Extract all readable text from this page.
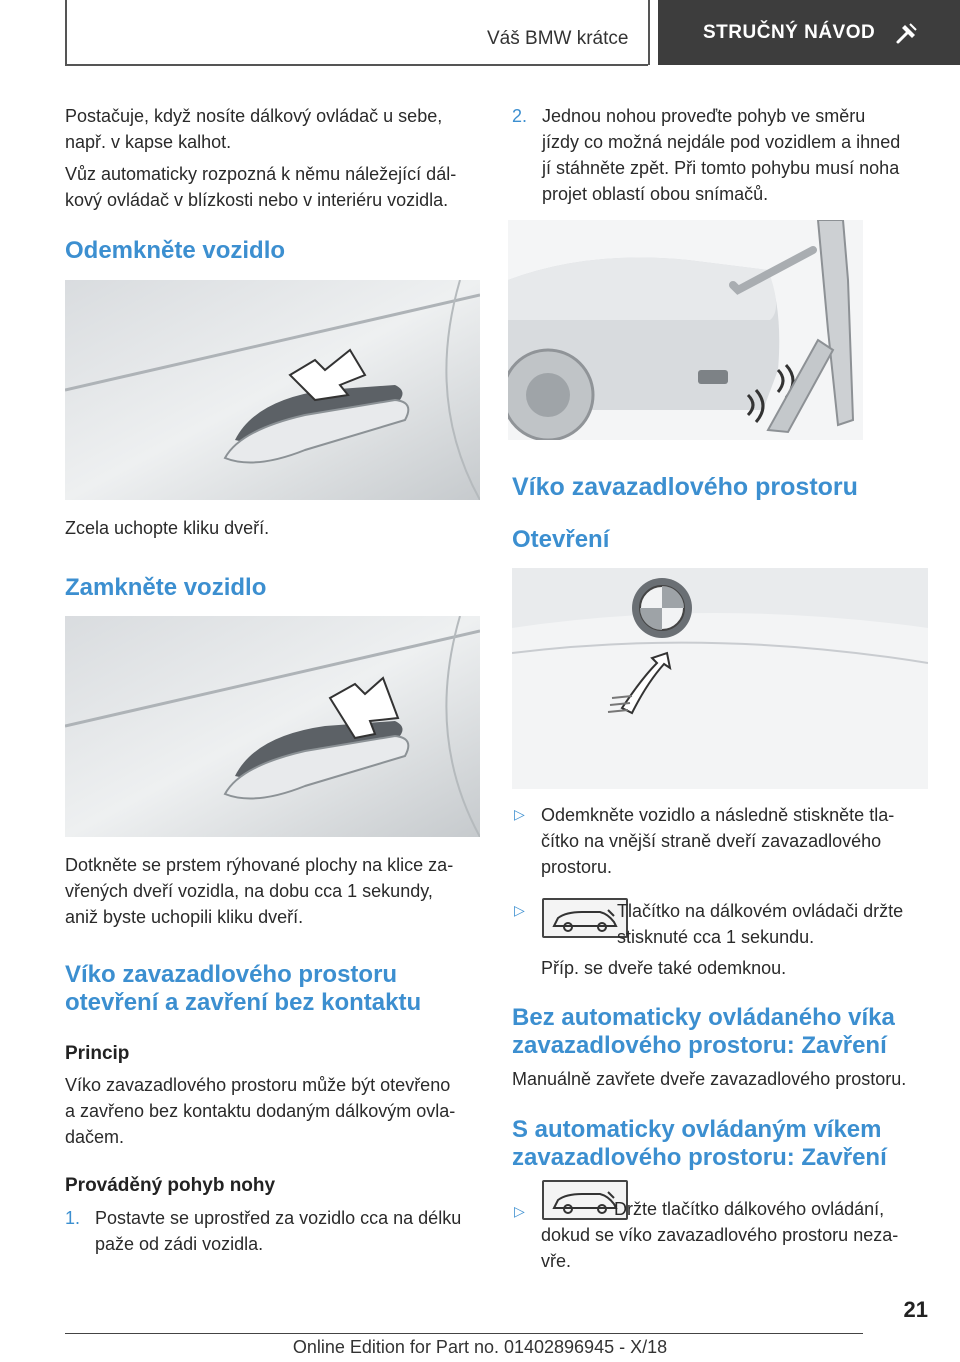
Váš BMW krátce	STRUČNÝ NÁVOD

Postačuje, když nosíte dálkový ovládač u sebe,

např. v kapse kalhot.

Vůz automaticky rozpozná k němu náležející dál‐

kový ovládač v blízkosti nebo v interiéru vozidla.

Odemkněte vozidlo

Zcela uchopte kliku dveří.

Zamkněte vozidlo

Dotkněte se prstem rýhované plochy na klice za‐

vřených dveří vozidla, na dobu cca 1 sekundy,

aniž byste uchopili kliku dveří.

Víko zavazadlového prostoru
otevření a zavření bez kontaktu
Princip

Víko zavazadlového prostoru může být otevřeno

a zavřeno bez kontaktu dodaným dálkovým ovla‐

dačem.

Prováděný pohyb nohy
1. Postavte se uprostřed za vozidlo cca na délku

paže od zádi vozidla.

2. Jednou nohou proveďte pohyb ve směru

jízdy co možná nejdále pod vozidlem a ihned

jí stáhněte zpět. Při tomto pohybu musí noha

projet oblastí obou snímačů.

Víko zavazadlového prostoru
Otevření
▷ Odemkněte vozidlo a následně stiskněte tla‐

čítko na vnější straně dveří zavazadlového

prostoru.

▷	Tlačítko na dálkovém ovládači držte

stisknuté cca 1 sekundu.

Příp. se dveře také odemknou.

Bez automaticky ovládaného víka
zavazadlového prostoru: Zavření

Manuálně zavřete dveře zavazadlového prostoru.

S automaticky ovládaným víkem
zavazadlového prostoru: Zavření
▷	Držte tlačítko dálkového ovládání,

dokud se víko zavazadlového prostoru neza‐

vře.

21
Online Edition for Part no. 01402896945 - X/18
